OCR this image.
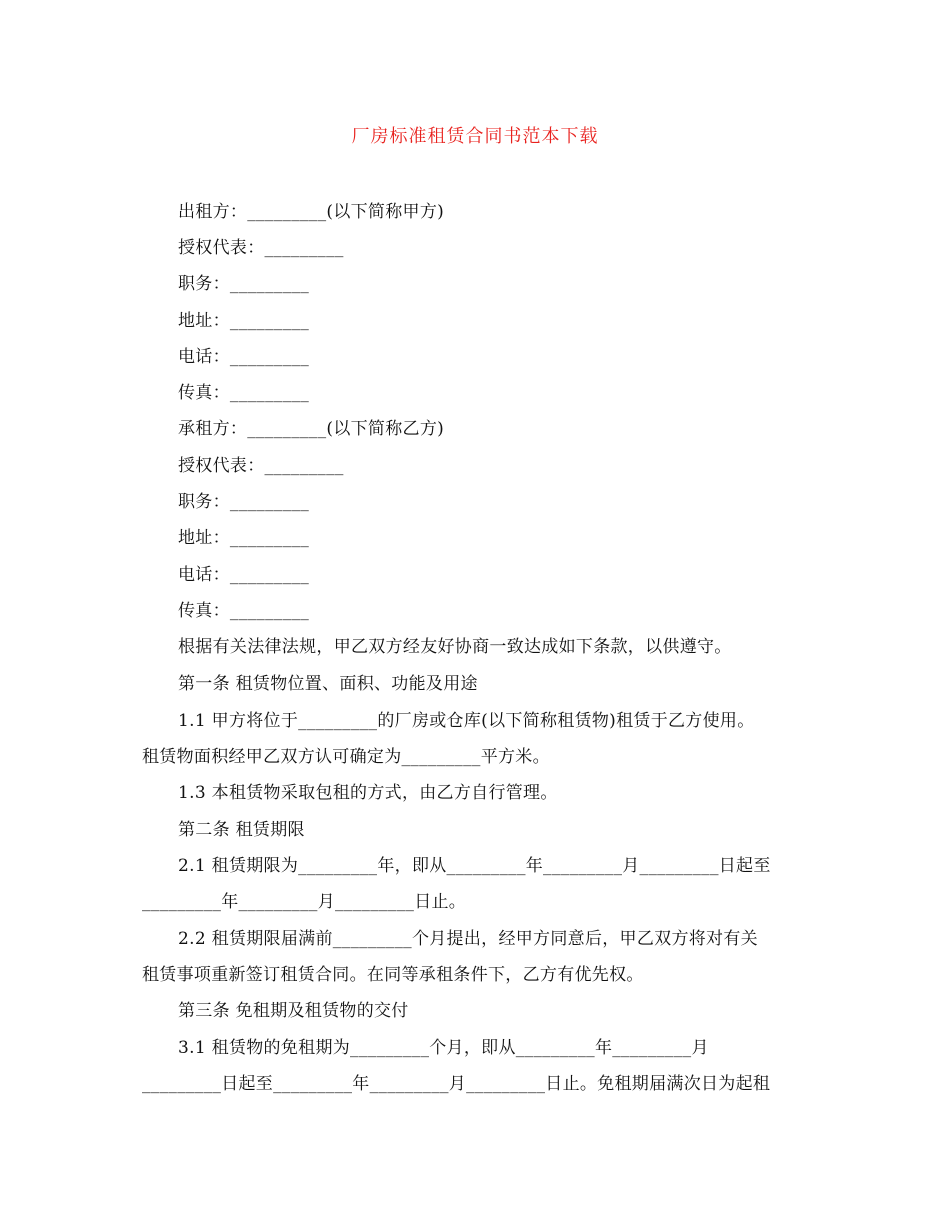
厂房标准租赁合同书范本下载
出租方：_________(以下简称甲方)
授权代表：_________
职务：_________
地址：_________
电话：_________
传真：_________
承租方：_________(以下简称乙方)
授权代表：_________
职务：_________
地址：_________
电话：_________
传真：_________
根据有关法律法规，甲乙双方经友好协商一致达成如下条款，以供遵守。
第一条 租赁物位置、面积、功能及用途
1.1 甲方将位于_________的厂房或仓库(以下简称租赁物)租赁于乙方使用。
租赁物面积经甲乙双方认可确定为_________平方米。
1.3 本租赁物采取包租的方式，由乙方自行管理。
第二条 租赁期限
2.1 租赁期限为_________年，即从_________年_________月_________日起至
_________年_________月_________日止。
2.2 租赁期限届满前_________个月提出，经甲方同意后，甲乙双方将对有关
租赁事项重新签订租赁合同。在同等承租条件下，乙方有优先权。
第三条 免租期及租赁物的交付
3.1 租赁物的免租期为_________个月，即从_________年_________月
_________日起至_________年_________月_________日止。免租期届满次日为起租
